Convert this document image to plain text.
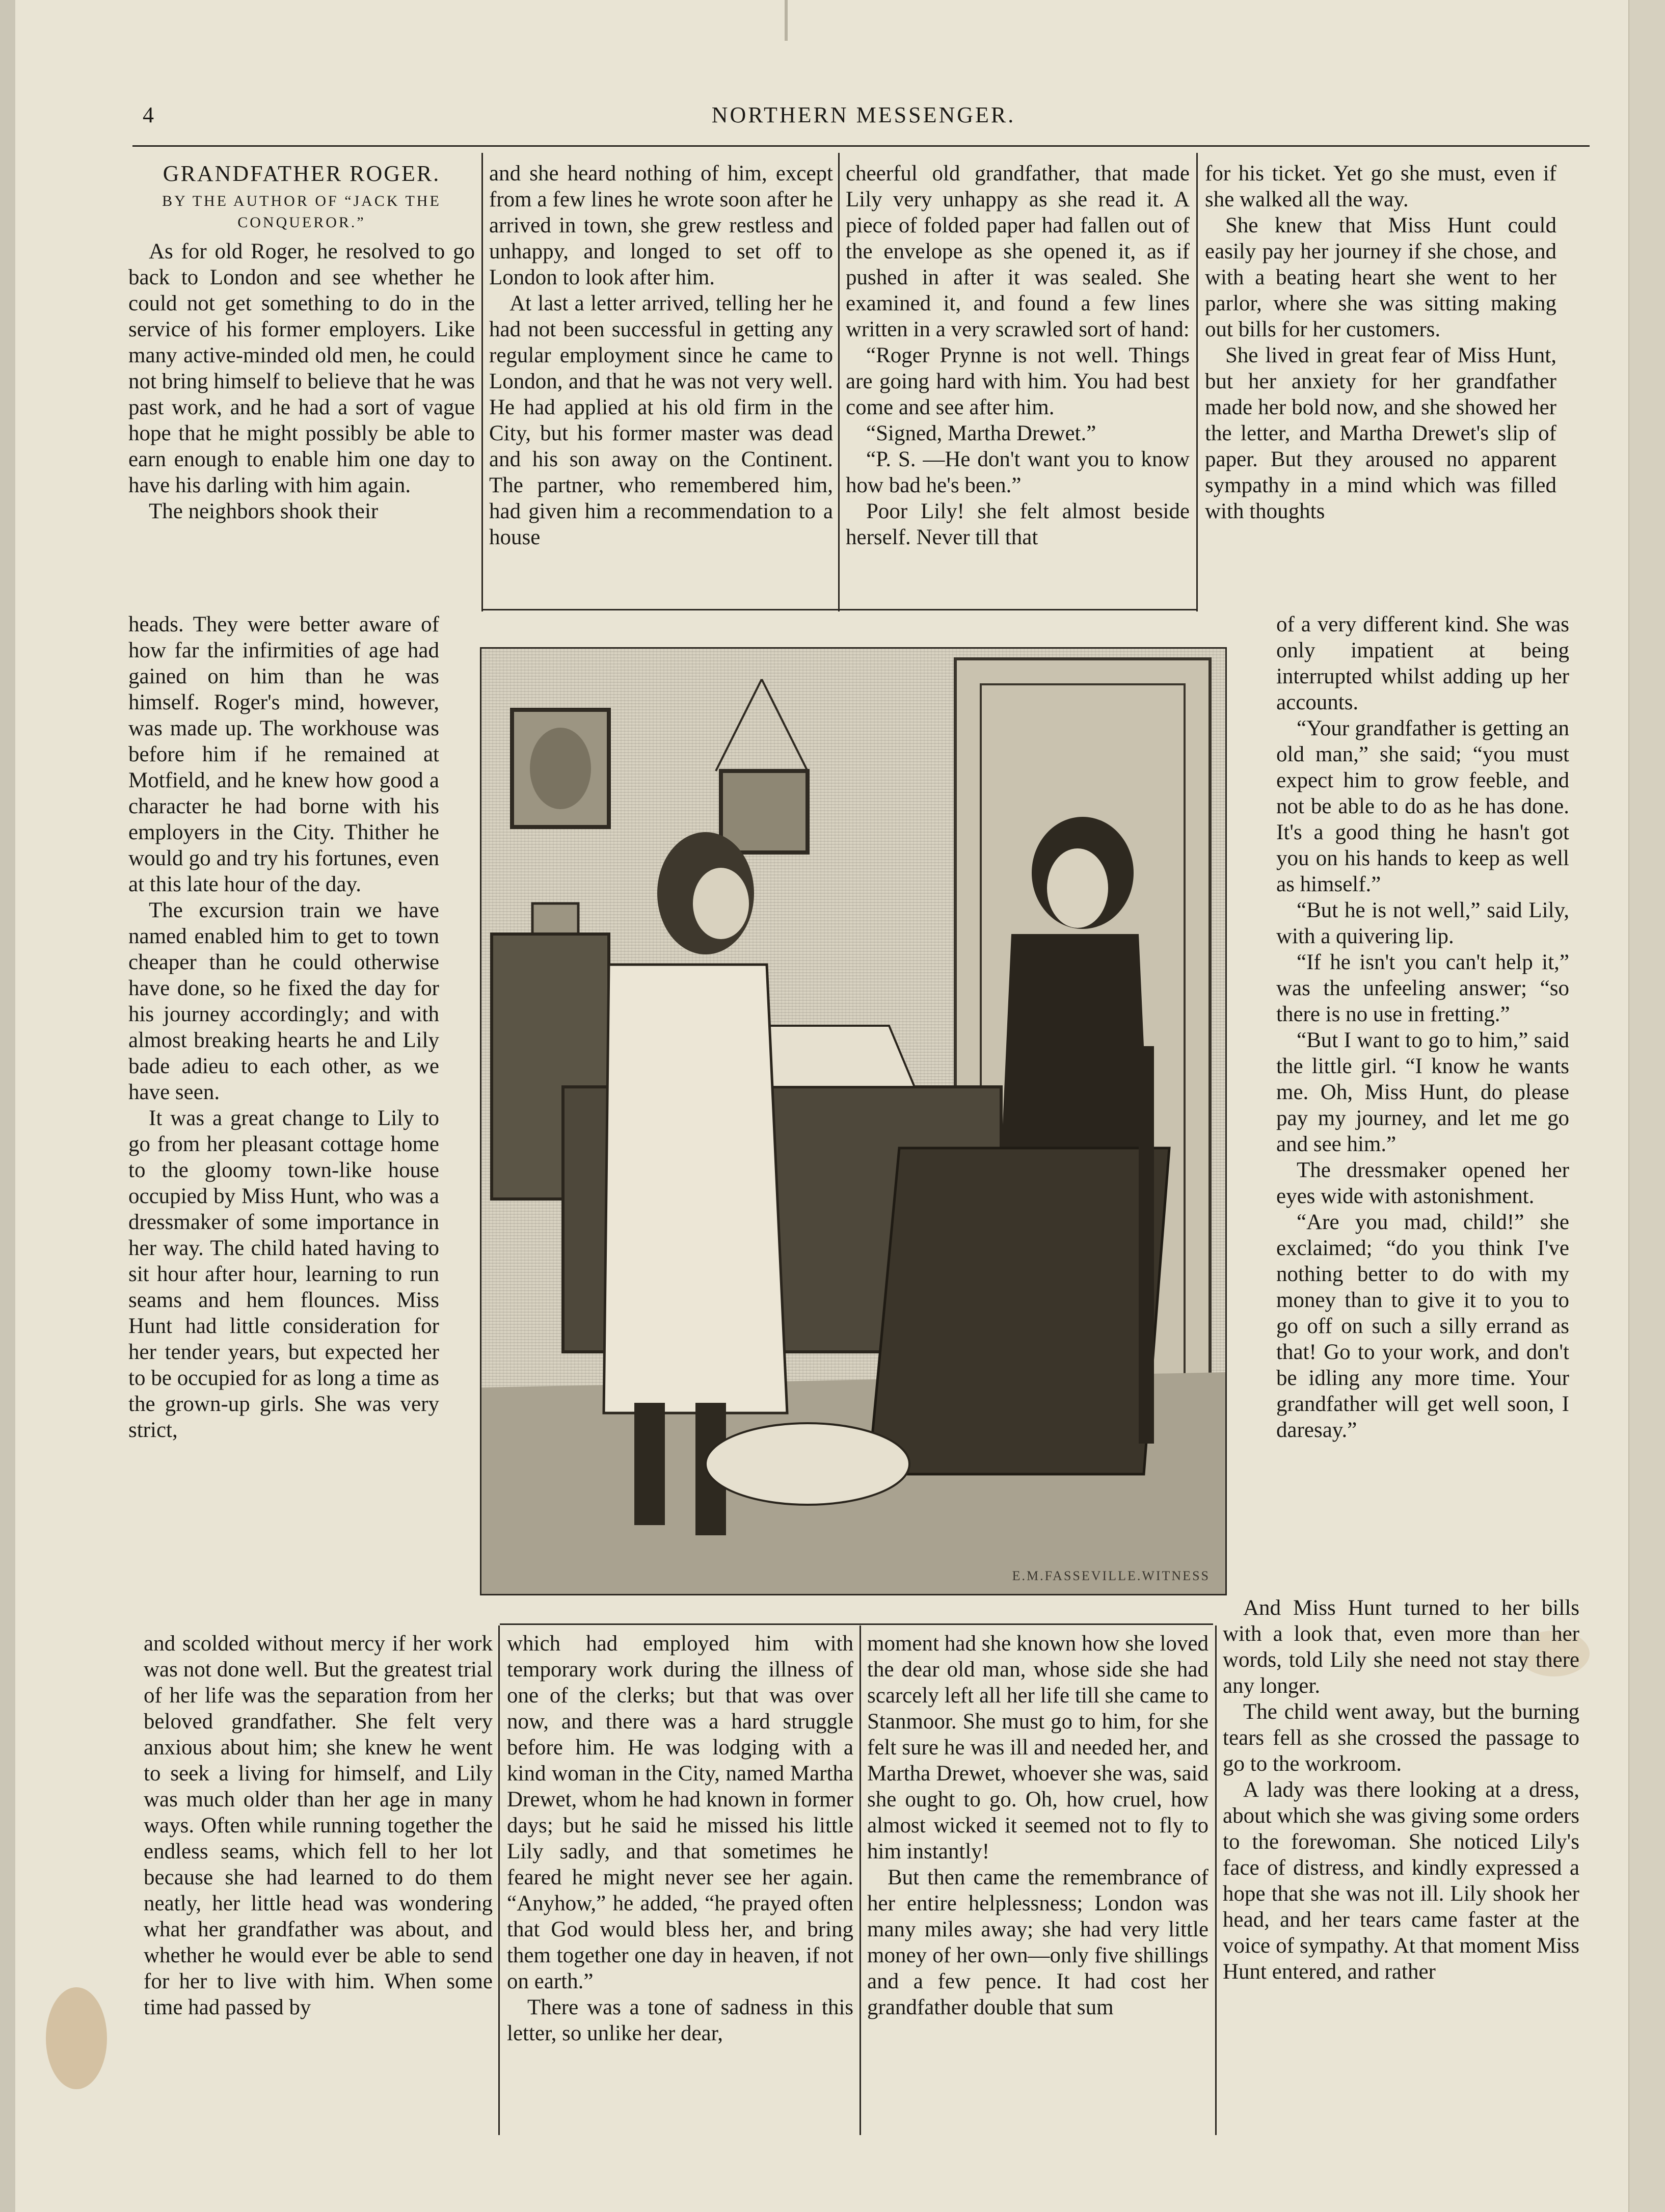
4	NORTHERN MESSENGER.

GRANDFATHER ROGER.

BY THE AUTHOR OF “JACK THE CONQUEROR.”

As for old Roger, he resolved to go back to London and see whether he could not get something to do in the service of his former employers. Like many active-minded old men, he could not bring himself to believe that he was past work, and he had a sort of vague hope that he might possibly be able to earn enough to enable him one day to have his darling with him again.

The neighbors shook their

and she heard nothing of him, except from a few lines he wrote soon after he arrived in town, she grew restless and unhappy, and longed to set off to London to look after him.

At last a letter arrived, telling her he had not been successful in getting any regular employment since he came to London, and that he was not very well. He had applied at his old firm in the City, but his former master was dead and his son away on the Continent. The partner, who remembered him, had given him a recommendation to a house

cheerful old grandfather, that made Lily very unhappy as she read it. A piece of folded paper had fallen out of the envelope as she opened it, as if pushed in after it was sealed. She examined it, and found a few lines written in a very scrawled sort of hand:

“Roger Prynne is not well. Things are going hard with him. You had best come and see after him.

“Signed, Martha Drewet.”

“P. S. —He don't want you to know how bad he's been.”

Poor Lily! she felt almost beside herself. Never till that

for his ticket. Yet go she must, even if she walked all the way.

She knew that Miss Hunt could easily pay her journey if she chose, and with a beating heart she went to her parlor, where she was sitting making out bills for her customers.

She lived in great fear of Miss Hunt, but her anxiety for her grandfather made her bold now, and she showed her the letter, and Martha Drewet's slip of paper. But they aroused no apparent sympathy in a mind which was filled with thoughts

heads. They were better aware of how far the infirmities of age had gained on him than he was himself. Roger's mind, however, was made up. The workhouse was before him if he remained at Motfield, and he knew how good a character he had borne with his employers in the City. Thither he would go and try his fortunes, even at this late hour of the day.

The excursion train we have named enabled him to get to town cheaper than he could otherwise have done, so he fixed the day for his journey accordingly; and with almost breaking hearts he and Lily bade adieu to each other, as we have seen.

It was a great change to Lily to go from her pleasant cottage home to the gloomy town-like house occupied by Miss Hunt, who was a dressmaker of some importance in her way. The child hated having to sit hour after hour, learning to run seams and hem flounces. Miss Hunt had little consideration for her tender years, but expected her to be occupied for as long a time as the grown-up girls. She was very strict,

E.M.FASSEVILLE.WITNESS

of a very different kind. She was only impatient at being interrupted whilst adding up her accounts.

“Your grandfather is getting an old man,” she said; “you must expect him to grow feeble, and not be able to do as he has done. It's a good thing he hasn't got you on his hands to keep as well as himself.”

“But he is not well,” said Lily, with a quivering lip.

“If he isn't you can't help it,” was the unfeeling answer; “so there is no use in fretting.”

“But I want to go to him,” said the little girl. “I know he wants me. Oh, Miss Hunt, do please pay my journey, and let me go and see him.”

The dressmaker opened her eyes wide with astonishment.

“Are you mad, child!” she exclaimed; “do you think I've nothing better to do with my money than to give it to you to go off on such a silly errand as that! Go to your work, and don't be idling any more time. Your grandfather will get well soon, I daresay.”

and scolded without mercy if her work was not done well. But the greatest trial of her life was the separation from her beloved grandfather. She felt very anxious about him; she knew he went to seek a living for himself, and Lily was much older than her age in many ways. Often while running together the endless seams, which fell to her lot because she had learned to do them neatly, her little head was wondering what her grandfather was about, and whether he would ever be able to send for her to live with him. When some time had passed by

which had employed him with temporary work during the illness of one of the clerks; but that was over now, and there was a hard struggle before him. He was lodging with a kind woman in the City, named Martha Drewet, whom he had known in former days; but he said he missed his little Lily sadly, and that sometimes he feared he might never see her again. “Anyhow,” he added, “he prayed often that God would bless her, and bring them together one day in heaven, if not on earth.”

There was a tone of sadness in this letter, so unlike her dear,

moment had she known how she loved the dear old man, whose side she had scarcely left all her life till she came to Stanmoor. She must go to him, for she felt sure he was ill and needed her, and Martha Drewet, whoever she was, said she ought to go. Oh, how cruel, how almost wicked it seemed not to fly to him instantly!

But then came the remembrance of her entire helplessness; London was many miles away; she had very little money of her own—only five shillings and a few pence. It had cost her grandfather double that sum

And Miss Hunt turned to her bills with a look that, even more than her words, told Lily she need not stay there any longer.

The child went away, but the burning tears fell as she crossed the passage to go to the workroom.

A lady was there looking at a dress, about which she was giving some orders to the forewoman. She noticed Lily's face of distress, and kindly expressed a hope that she was not ill. Lily shook her head, and her tears came faster at the voice of sympathy. At that moment Miss Hunt entered, and rather
